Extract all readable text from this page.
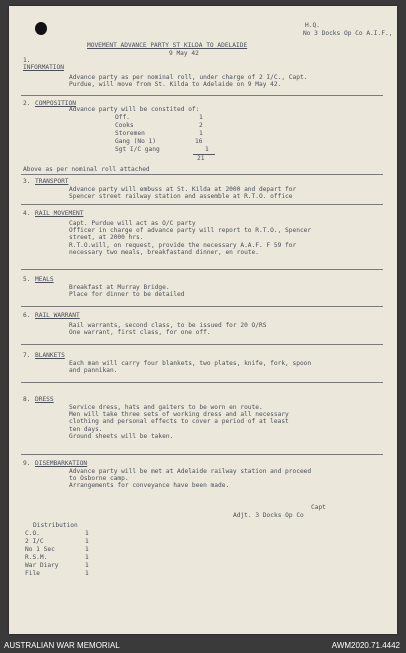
H.Q.
No 3 Docks Op Co A.I.F.,
MOVEMENT ADVANCE PARTY ST KILDA TO ADELAIDE
9 May 42
1.
INFORMATION
Advance party as per nominal roll, under charge of 2 I/C., Capt.
Purdue, will move from St. Kilda to Adelaide on 9 May 42.
2. COMPOSITION
Advance party will be constited of:
Off.	1
Cooks	2
Storemen	1
Gang (No 1)	16
Sgt I/C gang	1
21
Above as per nominal roll attached
3. TRANSPORT
Advance party will embuss at St. Kilda at 2000 and depart for
Spencer street railway station and assemble at R.T.O. office
4. RAIL MOVEMENT
Capt. Purdue will act as O/C party
Officer in charge of advance party will report to R.T.O., Spencer
street, at 2000 hrs.
R.T.O.will, on request, provide the necessary A.A.F. F 59 for
necessary two meals, breakfastand dinner, en route.
5. MEALS
Breakfast at Murray Bridge.
Place for dinner to be detailed
6. RAIL WARRANT
Rail warrants, second class, to be issued for 20 O/RS
One warrant, first class, for one off.
7. BLANKETS
Each man will carry four blankets, two plates, knife, fork, spoon
and pannikan.
8. DRESS
Service dress, hats and gaiters to be worn en route.
Men will take three sets of working dress and all necessary
clothing and personal effects to cover a period of at least
ten days.
Ground sheets will be taken.
9. DISEMBARKATION
Advance party will be met at Adelaide railway station and proceed
to Osborne camp.
Arrangements for conveyance have been made.
Capt
Adjt. 3 Docks Op Co
Distribution
C.O.	1
2 I/C	1
No 1 Sec	1
R.S.M.	1
War Diary	1
File	1
AUSTRALIAN WAR MEMORIAL	AWM2020.71.4442
